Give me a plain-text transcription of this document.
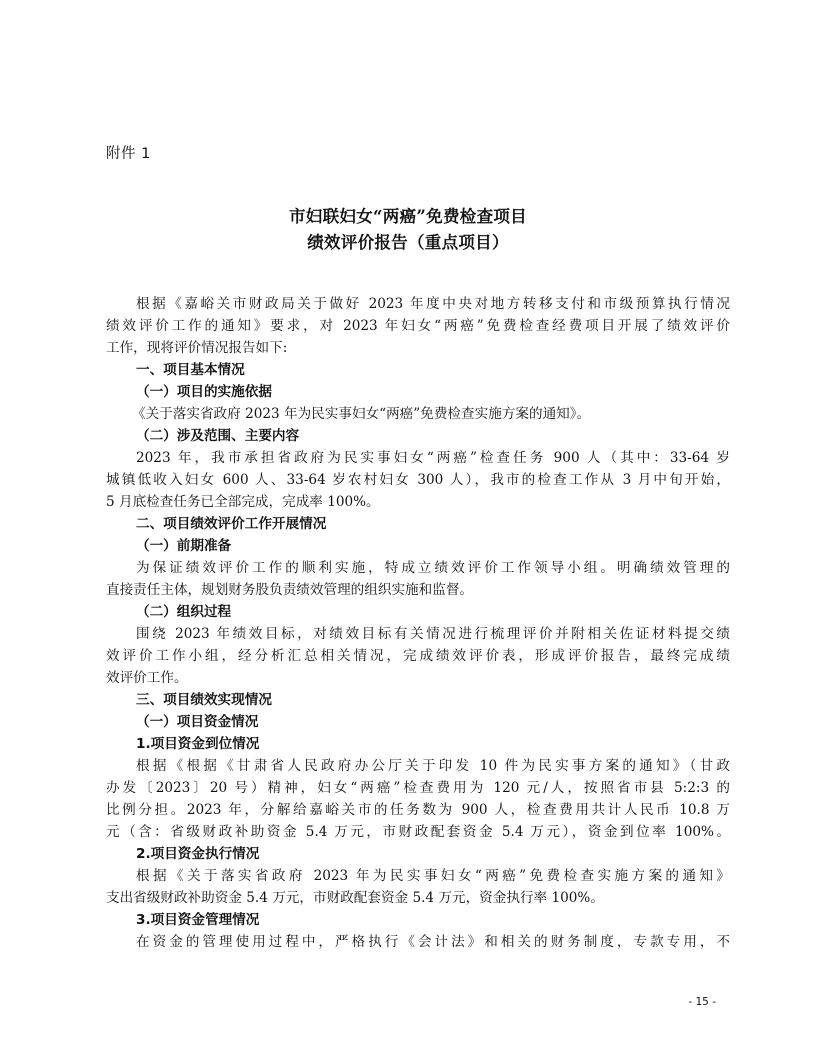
附件 1
市妇联妇女“两癌”免费检查项目
绩效评价报告（重点项目）
根据《嘉峪关市财政局关于做好 2023 年度中央对地方转移支付和市级预算执行情况
绩效评价工作的通知》要求，对 2023 年妇女“两癌”免费检查经费项目开展了绩效评价
工作，现将评价情况报告如下:
一、项目基本情况
（一）项目的实施依据
《关于落实省政府 2023 年为民实事妇女“两癌”免费检查实施方案的通知》。
（二）涉及范围、主要内容
2023 年，我市承担省政府为民实事妇女“两癌”检查任务 900 人（其中：33-64 岁
城镇低收入妇女 600 人、33-64 岁农村妇女 300 人），我市的检查工作从 3 月中旬开始，
5 月底检查任务已全部完成，完成率 100%。
二、项目绩效评价工作开展情况
（一）前期准备
为保证绩效评价工作的顺利实施，特成立绩效评价工作领导小组。明确绩效管理的
直接责任主体，规划财务股负责绩效管理的组织实施和监督。
（二）组织过程
围绕 2023 年绩效目标，对绩效目标有关情况进行梳理评价并附相关佐证材料提交绩
效评价工作小组，经分析汇总相关情况，完成绩效评价表，形成评价报告，最终完成绩
效评价工作。
三、项目绩效实现情况
（一）项目资金情况
1.项目资金到位情况
根据《根据《甘肃省人民政府办公厅关于印发 10 件为民实事方案的通知》（甘政
办发〔2023〕20 号）精神，妇女“两癌”检查费用为 120 元/人，按照省市县 5:2:3 的
比例分担。2023 年，分解给嘉峪关市的任务数为 900 人，检查费用共计人民币 10.8 万
元（含：省级财政补助资金 5.4 万元，市财政配套资金 5.4 万元），资金到位率 100%。
2.项目资金执行情况
根据《关于落实省政府 2023 年为民实事妇女“两癌”免费检查实施方案的通知》
支出省级财政补助资金 5.4 万元，市财政配套资金 5.4 万元，资金执行率 100%。
3.项目资金管理情况
在资金的管理使用过程中，严格执行《会计法》和相关的财务制度，专款专用，不
- 15 -
